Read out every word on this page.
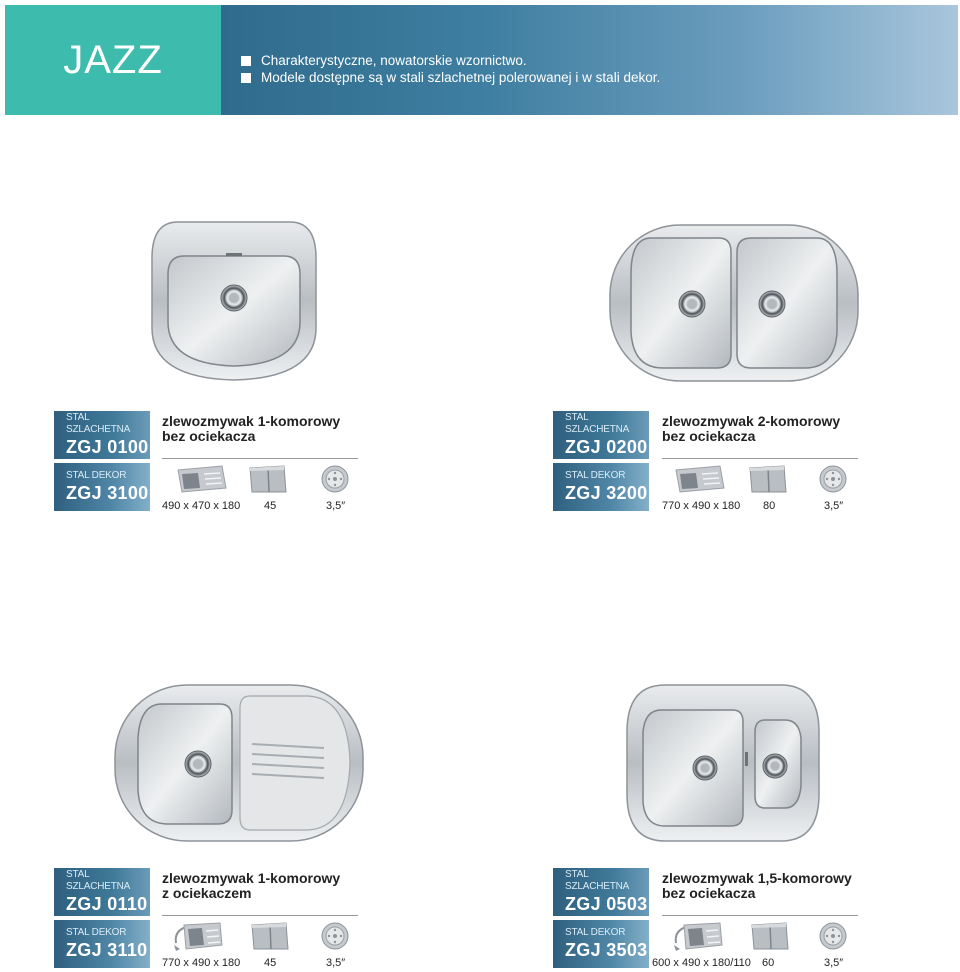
JAZZ	Charakterystyczne, nowatorskie wzornictwo.
Modele dostępne są w stali szlachetnej polerowanej i w stali dekor.
STAL SZLACHETNA
ZGJ 0100
STAL DEKOR
ZGJ 3100
zlewozmywak 1-komorowy
bez ociekacza
490 x 470 x 180 45	3,5″
STAL SZLACHETNA
ZGJ 0200
STAL DEKOR
ZGJ 3200
zlewozmywak 2-komorowy
bez ociekacza
770 x 490 x 180 80	3,5″
STAL SZLACHETNA
ZGJ 0110
STAL DEKOR
ZGJ 3110
zlewozmywak 1-komorowy
z ociekaczem
770 x 490 x 180 45	3,5″
STAL SZLACHETNA
ZGJ 0503
STAL DEKOR
ZGJ 3503
zlewozmywak 1,5-komorowy
bez ociekacza
600 x 490 x 180/110 60	3,5″
